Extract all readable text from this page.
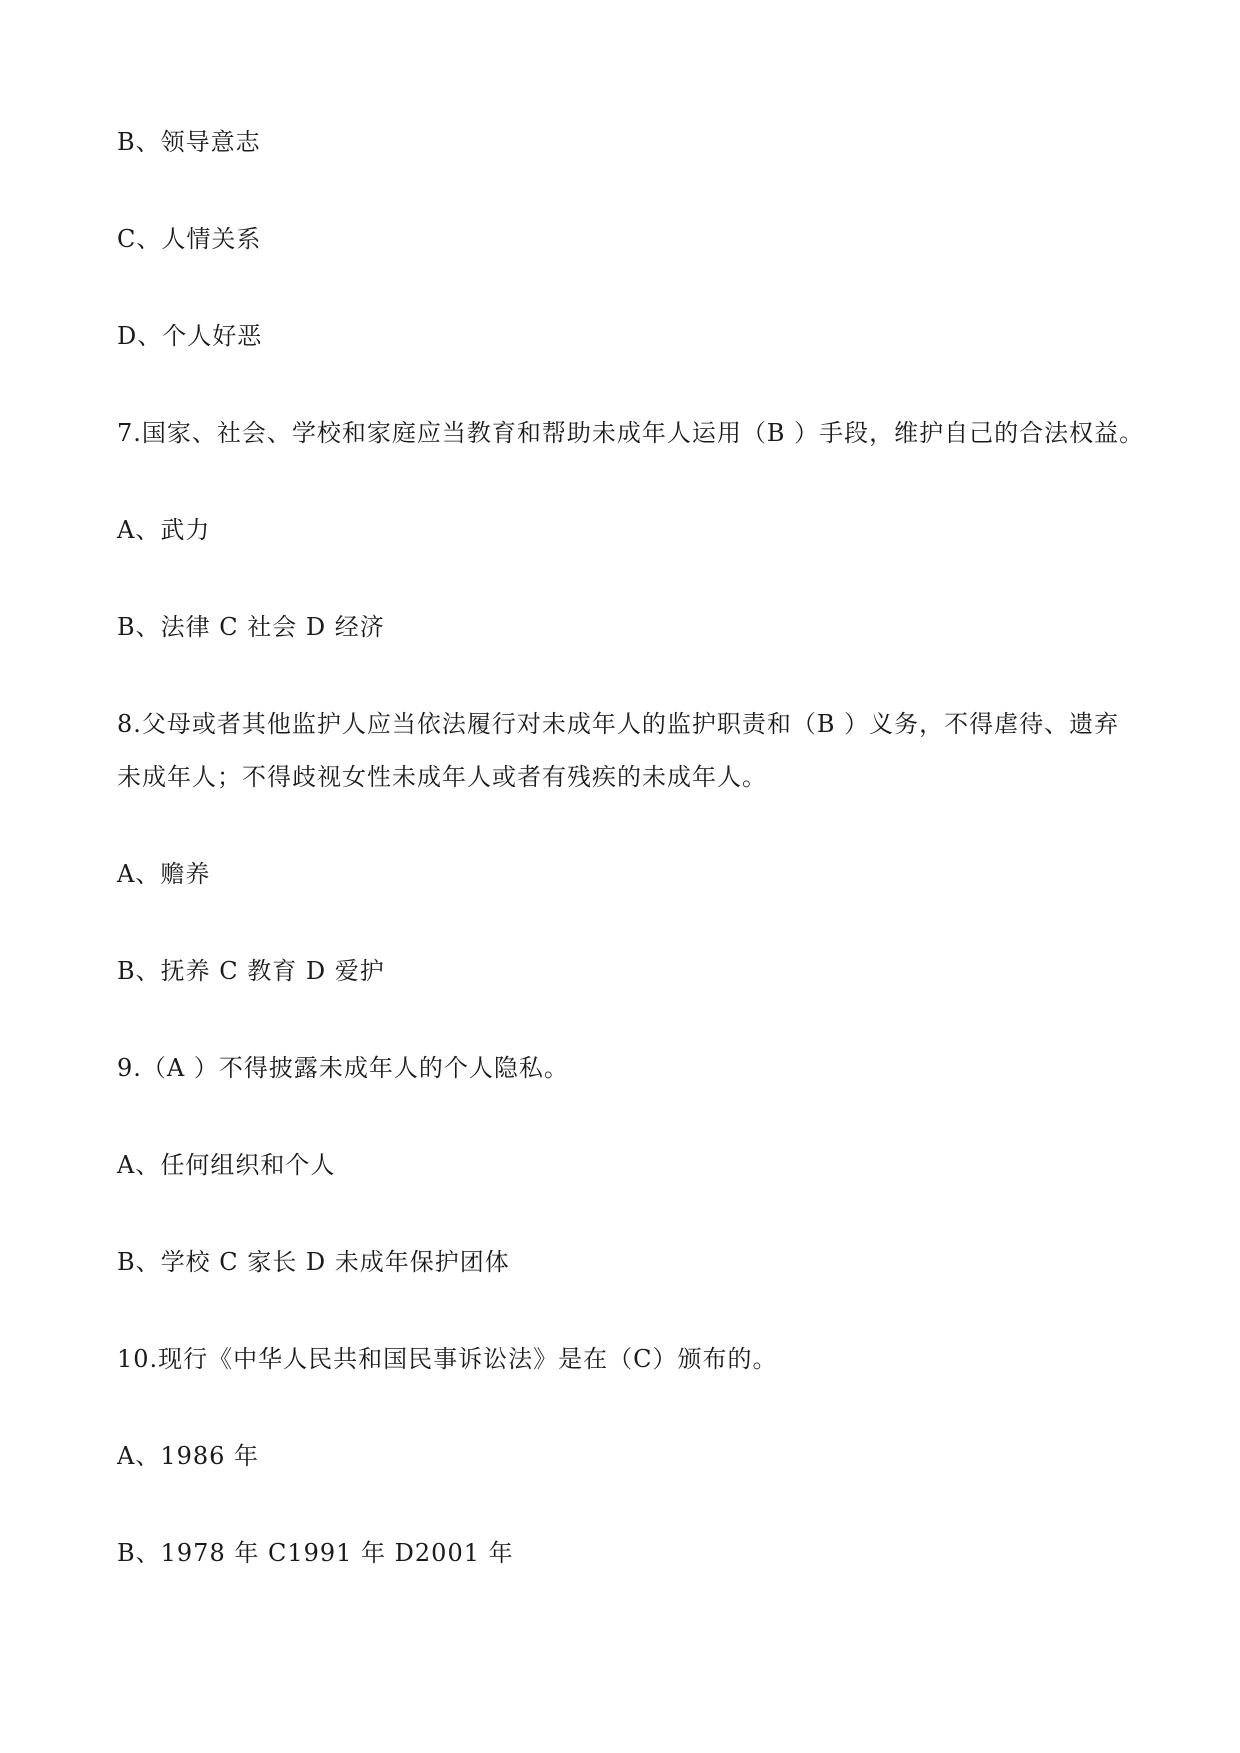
B、领导意志
C、人情关系
D、个人好恶
7.国家、社会、学校和家庭应当教育和帮助未成年人运用（B ）手段，维护自己的合法权益。
A、武力
B、法律 C 社会 D 经济
8.父母或者其他监护人应当依法履行对未成年人的监护职责和（B ）义务，不得虐待、遗弃
未成年人；不得歧视女性未成年人或者有残疾的未成年人。
A、赡养
B、抚养 C 教育 D 爱护
9.（A ）不得披露未成年人的个人隐私。
A、任何组织和个人
B、学校 C 家长 D 未成年保护团体
10.现行《中华人民共和国民事诉讼法》是在（C）颁布的。
A、1986 年
B、1978 年 C1991 年 D2001 年
